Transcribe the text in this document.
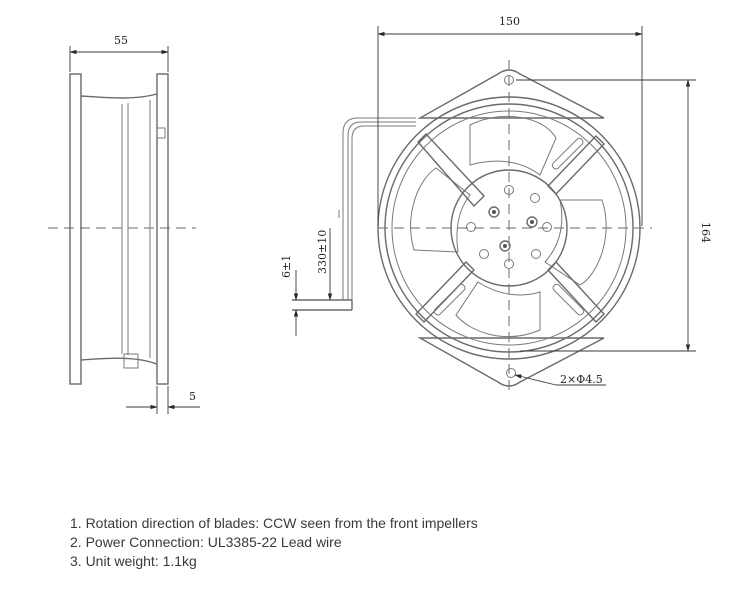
55
5
150
164
330±10
6±1
2×Φ4.5
1. Rotation direction of blades: CCW seen from the front impellers
2. Power Connection: UL3385-22 Lead wire
3. Unit weight: 1.1kg
